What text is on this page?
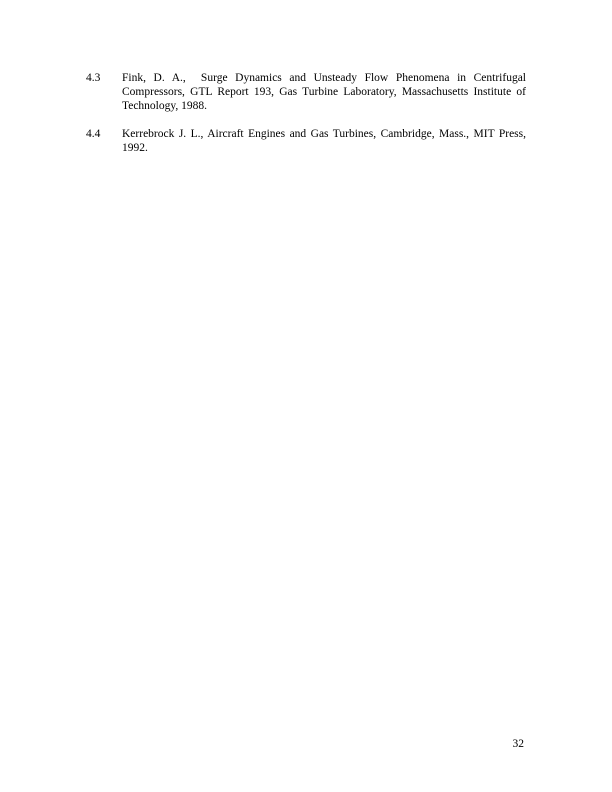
4.3	Fink, D. A.,  Surge Dynamics and Unsteady Flow Phenomena in Centrifugal Compressors, GTL Report 193, Gas Turbine Laboratory, Massachusetts Institute of Technology, 1988.
4.4	Kerrebrock J. L., Aircraft Engines and Gas Turbines, Cambridge, Mass., MIT Press, 1992.
32
